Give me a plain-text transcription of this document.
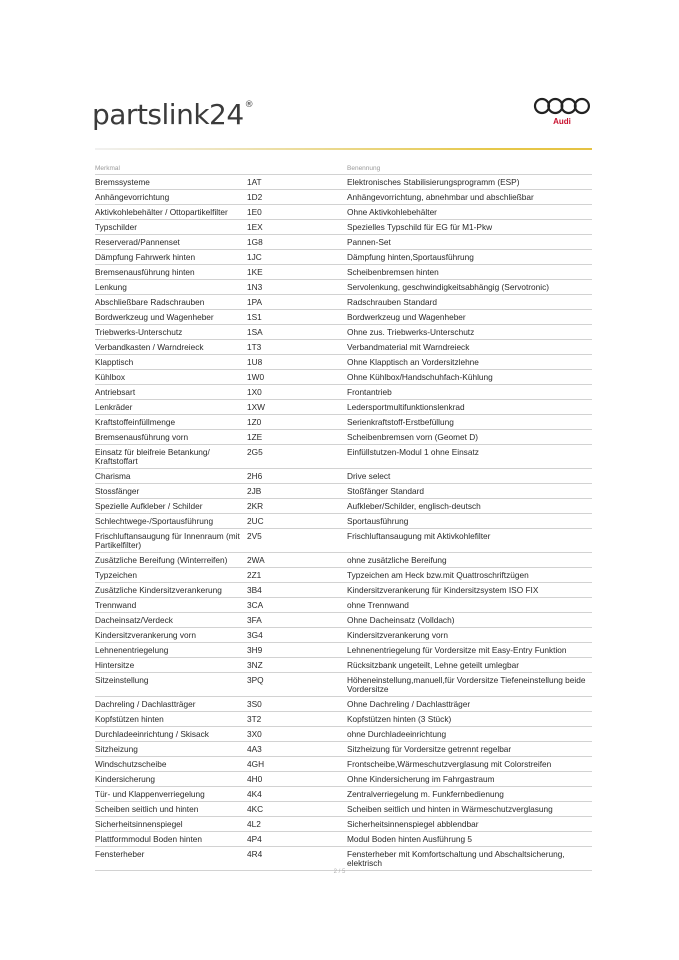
partslink24®
Audi
Merkmal		Benennung
Bremssysteme	1AT	Elektronisches Stabilisierungsprogramm (ESP)
Anhängevorrichtung	1D2	Anhängevorrichtung, abnehmbar und abschließbar
Aktivkohlebehälter / Ottopartikelfilter	1E0	Ohne Aktivkohlebehälter
Typschilder	1EX	Spezielles Typschild für EG für M1-Pkw
Reserverad/Pannenset	1G8	Pannen-Set
Dämpfung Fahrwerk hinten	1JC	Dämpfung hinten,Sportausführung
Bremsenausführung hinten	1KE	Scheibenbremsen hinten
Lenkung	1N3	Servolenkung, geschwindigkeitsabhängig (Servotronic)
Abschließbare Radschrauben	1PA	Radschrauben Standard
Bordwerkzeug und Wagenheber	1S1	Bordwerkzeug und Wagenheber
Triebwerks-Unterschutz	1SA	Ohne zus. Triebwerks-Unterschutz
Verbandkasten / Warndreieck	1T3	Verbandmaterial mit Warndreieck
Klapptisch	1U8	Ohne Klapptisch an Vordersitzlehne
Kühlbox	1W0	Ohne Kühlbox/Handschuhfach-Kühlung
Antriebsart	1X0	Frontantrieb
Lenkräder	1XW	Ledersportmultifunktionslenkrad
Kraftstoffeinfüllmenge	1Z0	Serienkraftstoff-Erstbefüllung
Bremsenausführung vorn	1ZE	Scheibenbremsen vorn (Geomet D)
Einsatz für bleifreie Betankung/ Kraftstoffart	2G5	Einfüllstutzen-Modul 1 ohne Einsatz
Charisma	2H6	Drive select
Stossfänger	2JB	Stoßfänger Standard
Spezielle Aufkleber / Schilder	2KR	Aufkleber/Schilder, englisch-deutsch
Schlechtwege-/Sportausführung	2UC	Sportausführung
Frischluftansaugung für Innenraum (mit Partikelfilter)	2V5	Frischluftansaugung mit Aktivkohlefilter
Zusätzliche Bereifung (Winterreifen)	2WA	ohne zusätzliche Bereifung
Typzeichen	2Z1	Typzeichen am Heck bzw.mit Quattroschriftzügen
Zusätzliche Kindersitzverankerung	3B4	Kindersitzverankerung für Kindersitzsystem ISO FIX
Trennwand	3CA	ohne Trennwand
Dacheinsatz/Verdeck	3FA	Ohne Dacheinsatz (Volldach)
Kindersitzverankerung vorn	3G4	Kindersitzverankerung vorn
Lehnenentriegelung	3H9	Lehnenentriegelung für Vordersitze mit Easy-Entry Funktion
Hintersitze	3NZ	Rücksitzbank ungeteilt, Lehne geteilt umlegbar
Sitzeinstellung	3PQ	Höheneinstellung,manuell,für Vordersitze Tiefeneinstellung beide Vordersitze
Dachreling / Dachlastträger	3S0	Ohne Dachreling / Dachlastträger
Kopfstützen hinten	3T2	Kopfstützen hinten (3 Stück)
Durchladeeinrichtung / Skisack	3X0	ohne Durchladeeinrichtung
Sitzheizung	4A3	Sitzheizung für Vordersitze getrennt regelbar
Windschutzscheibe	4GH	Frontscheibe,Wärmeschutzverglasung mit Colorstreifen
Kindersicherung	4H0	Ohne Kindersicherung im Fahrgastraum
Tür- und Klappenverriegelung	4K4	Zentralverriegelung m. Funkfernbedienung
Scheiben seitlich und hinten	4KC	Scheiben seitlich und hinten in Wärmeschutzverglasung
Sicherheitsinnenspiegel	4L2	Sicherheitsinnenspiegel abblendbar
Plattformmodul Boden hinten	4P4	Modul Boden hinten Ausführung 5
Fensterheber	4R4	Fensterheber mit Komfortschaltung und Abschaltsicherung, elektrisch
2 / 5
